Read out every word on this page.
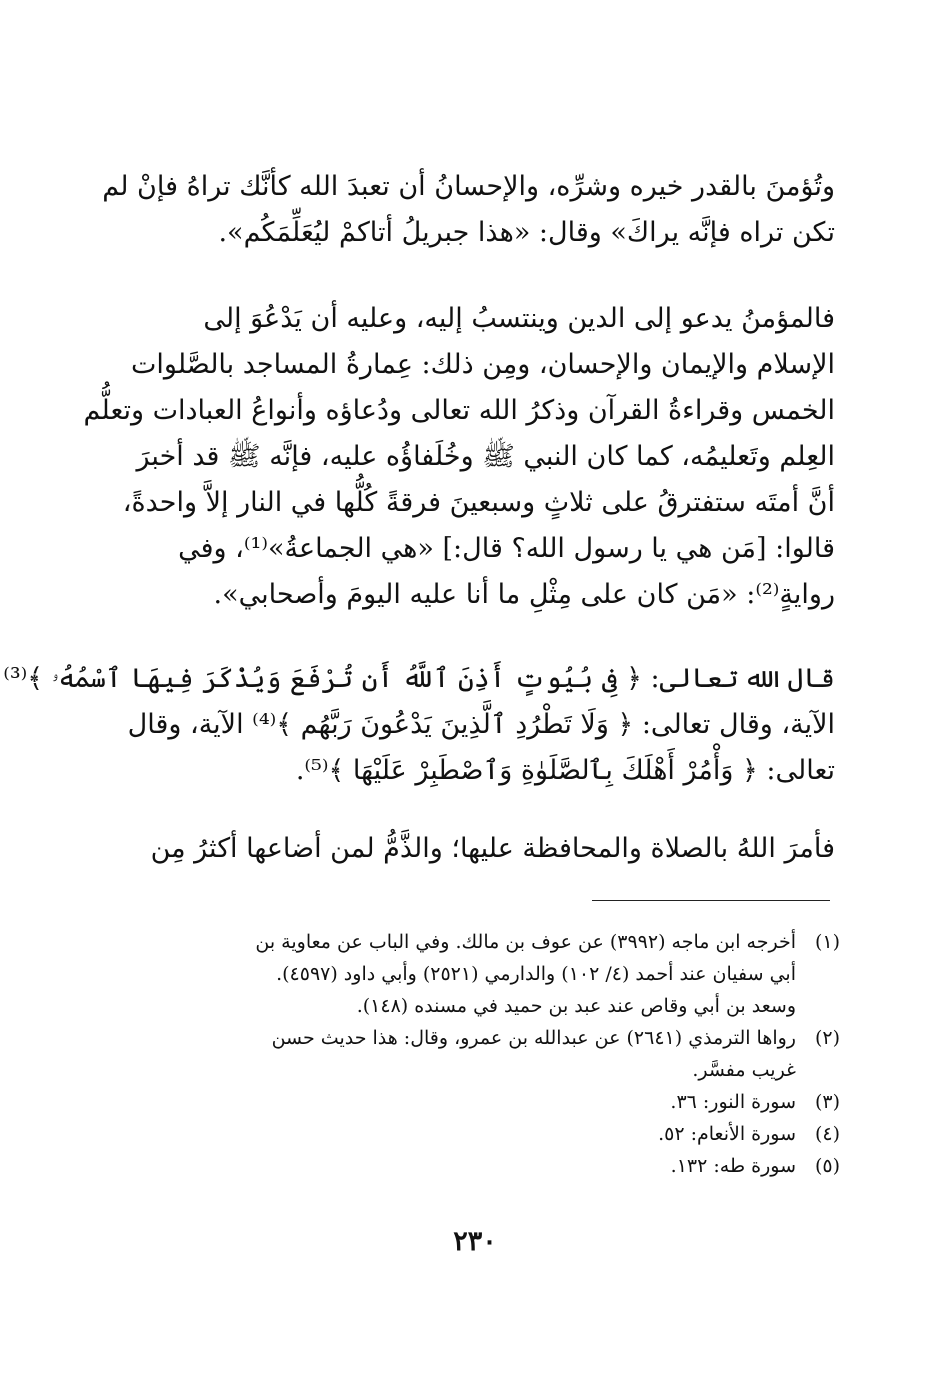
وتُؤمنَ بالقدر خيره وشرِّه، والإحسانُ أن تعبدَ الله كأنَّك تراهُ فإنْ لم
تكن تراه فإنَّه يراكَ» وقال: «هذا جبريلُ أتاكمْ ليُعَلِّمَكُم».
فالمؤمنُ يدعو إلى الدين وينتسبُ إليه، وعليه أن يَدْعُوَ إلى
الإسلام والإيمان والإحسان، ومِن ذلك: عِمارةُ المساجد بالصَّلوات
الخمس وقراءةُ القرآن وذكرُ الله تعالى ودُعاؤه وأنواعُ العبادات وتعلُّم
العِلم وتَعليمُه، كما كان النبي ﷺ وخُلَفاؤُه عليه، فإنَّه ﷺ قد أخبرَ
أنَّ أمتَه ستفترقُ على ثلاثٍ وسبعينَ فرقةً كُلُّها في النار إلاَّ واحدةً،
قالوا: [مَن هي يا رسول الله؟ قال:] «هي الجماعةُ»⁽¹⁾، وفي
روايةٍ⁽²⁾: «مَن كان على مِثْلِ ما أنا عليه اليومَ وأصحابي».
قال الله تعالى: ﴿ فِى بُيُوتٍ أَذِنَ ٱللَّهُ أَن تُرْفَعَ وَيُذْكَرَ فِيهَا ٱسْمُهُۥ ﴾⁽³⁾
الآية، وقال تعالى: ﴿ وَلَا تَطْرُدِ ٱلَّذِينَ يَدْعُونَ رَبَّهُم ﴾⁽⁴⁾ الآية، وقال
تعالى: ﴿ وَأْمُرْ أَهْلَكَ بِٱلصَّلَوٰةِ وَٱصْطَبِرْ عَلَيْهَا ﴾⁽⁵⁾.
فأمرَ اللهُ بالصلاة والمحافظة عليها؛ والذَّمُّ لمن أضاعها أكثرُ مِن
(١)
أخرجه ابن ماجه (٣٩٩٢) عن عوف بن مالك. وفي الباب عن معاوية بن
أبي سفيان عند أحمد (٤/ ١٠٢) والدارمي (٢٥٢١) وأبي داود (٤٥٩٧).
وسعد بن أبي وقاص عند عبد بن حميد في مسنده (١٤٨).
(٢)
رواها الترمذي (٢٦٤١) عن عبدالله بن عمرو، وقال: هذا حديث حسن
غريب مفسَّر.
(٣)
سورة النور: ٣٦.
(٤)
سورة الأنعام: ٥٢.
(٥)
سورة طه: ١٣٢.
٢٣٠
